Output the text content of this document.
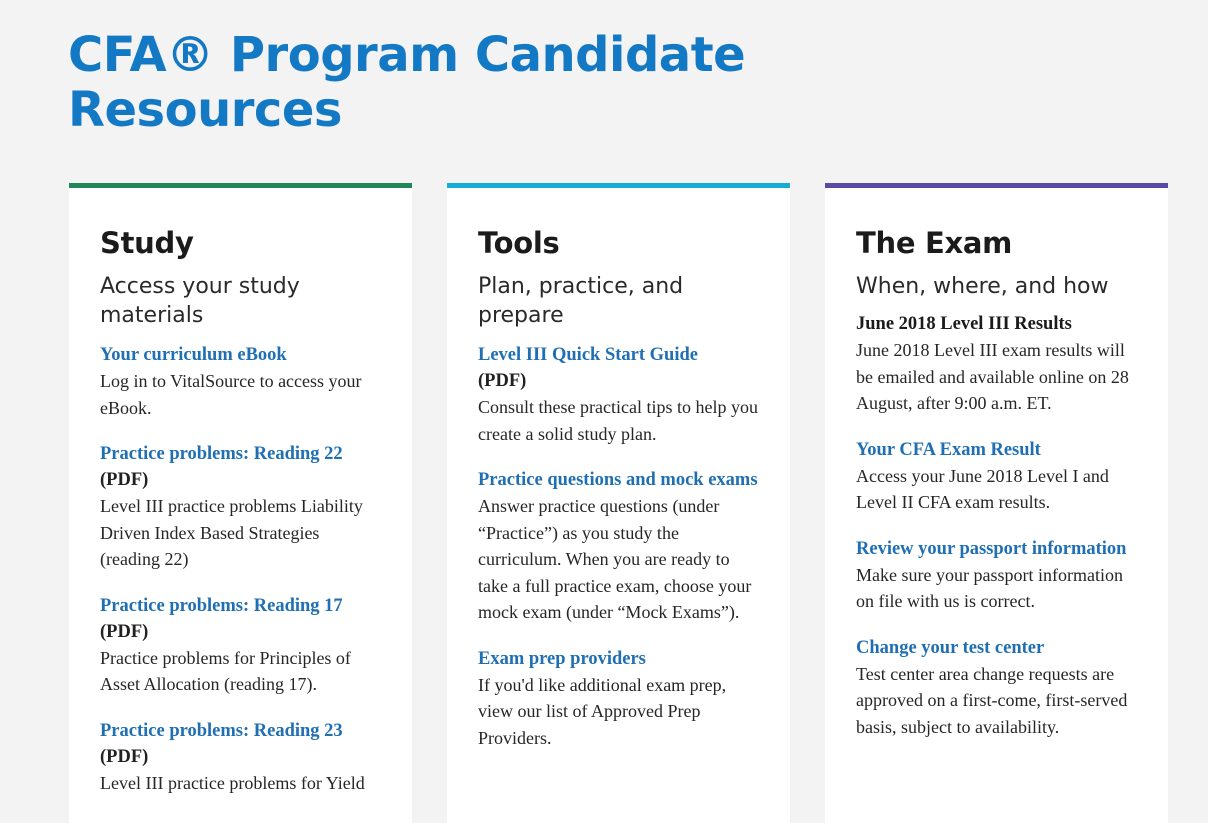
CFA® Program Candidate Resources
Study
Access your study materials
Your curriculum eBook
Log in to VitalSource to access your eBook.
Practice problems: Reading 22
(PDF)
Level III practice problems Liability Driven Index Based Strategies (reading 22)
Practice problems: Reading 17
(PDF)
Practice problems for Principles of Asset Allocation (reading 17).
Practice problems: Reading 23
(PDF)
Level III practice problems for Yield
Tools
Plan, practice, and prepare
Level III Quick Start Guide
(PDF)
Consult these practical tips to help you create a solid study plan.
Practice questions and mock exams
Answer practice questions (under “Practice”) as you study the curriculum. When you are ready to take a full practice exam, choose your mock exam (under “Mock Exams”).
Exam prep providers
If you'd like additional exam prep, view our list of Approved Prep Providers.
The Exam
When, where, and how
June 2018 Level III Results
June 2018 Level III exam results will be emailed and available online on 28 August, after 9:00 a.m. ET.
Your CFA Exam Result
Access your June 2018 Level I and Level II CFA exam results.
Review your passport information
Make sure your passport information on file with us is correct.
Change your test center
Test center area change requests are approved on a first-come, first-served basis, subject to availability.
